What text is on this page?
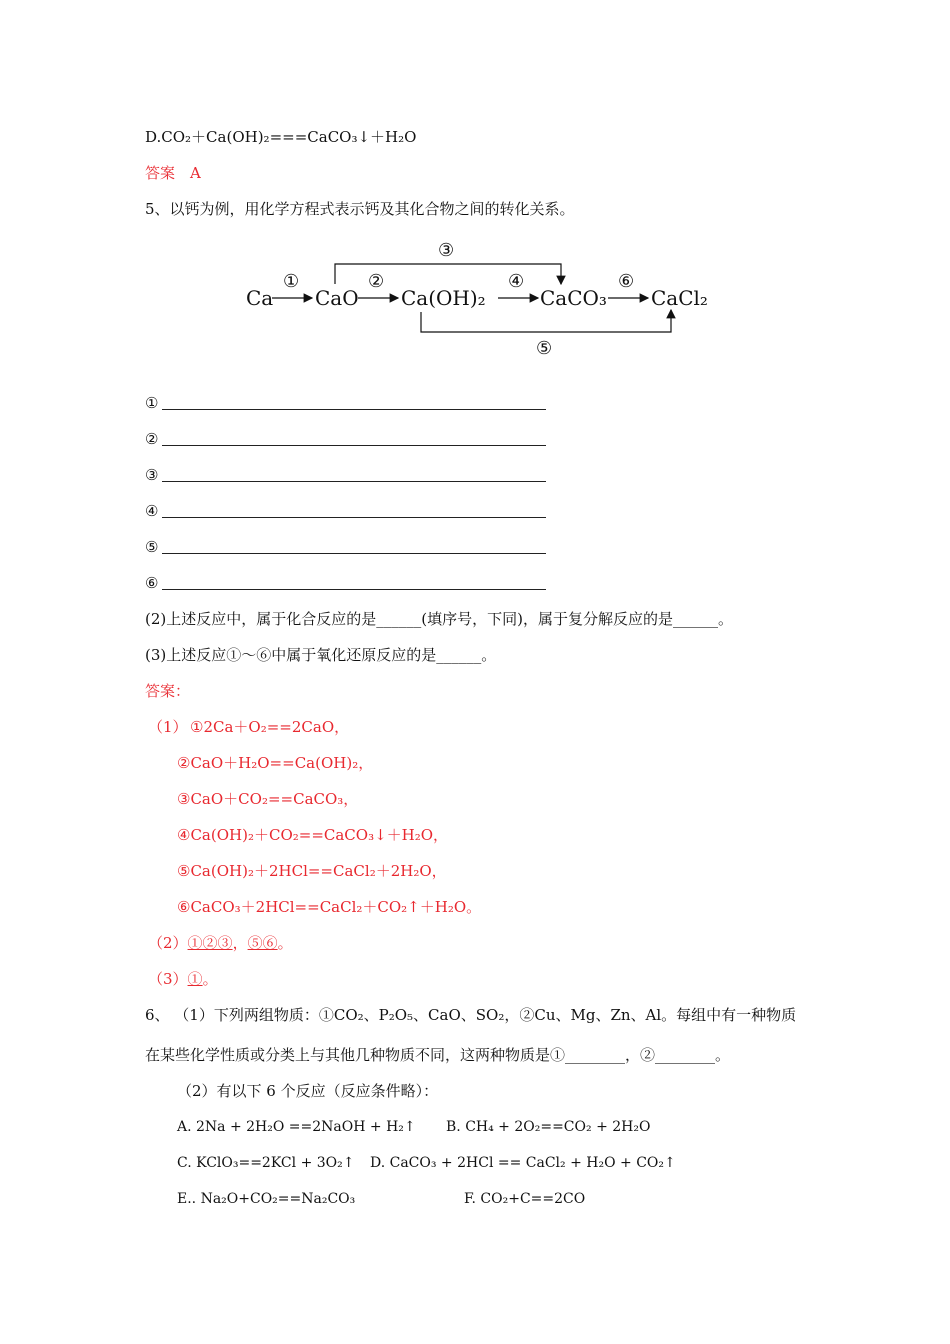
D.CO₂＋Ca(OH)₂===CaCO₃↓＋H₂O
答案　A
5、以钙为例，用化学方程式表示钙及其化合物之间的转化关系。
Ca CaO Ca(OH)₂	CaCO₃ CaCl₂
①	②
③
④	⑥
⑤
①
②
③
④
⑤
⑥
(2)上述反应中，属于化合反应的是______(填序号，下同)，属于复分解反应的是______。
(3)上述反应①～⑥中属于氧化还原反应的是______。
答案：
（1） ①2Ca＋O₂==2CaO，
②CaO＋H₂O==Ca(OH)₂，
③CaO＋CO₂==CaCO₃，
④Ca(OH)₂＋CO₂==CaCO₃↓＋H₂O，
⑤Ca(OH)₂＋2HCl==CaCl₂＋2H₂O，
⑥CaCO₃＋2HCl==CaCl₂＋CO₂↑＋H₂O。
（2）①②③，⑤⑥。
（3）①。
6、 （1）下列两组物质：①CO₂、P₂O₅、CaO、SO₂，②Cu、Mg、Zn、Al。每组中有一种物质
在某些化学性质或分类上与其他几种物质不同，这两种物质是①________，②________。
（2）有以下 6 个反应（反应条件略）：
A. 2Na + 2H₂O ==2NaOH + H₂↑ B. CH₄ + 2O₂==CO₂ + 2H₂O
C. KClO₃==2KCl + 3O₂↑ D. CaCO₃ + 2HCl == CaCl₂ + H₂O + CO₂↑
E.. Na₂O+CO₂==Na₂CO₃	F. CO₂+C==2CO
